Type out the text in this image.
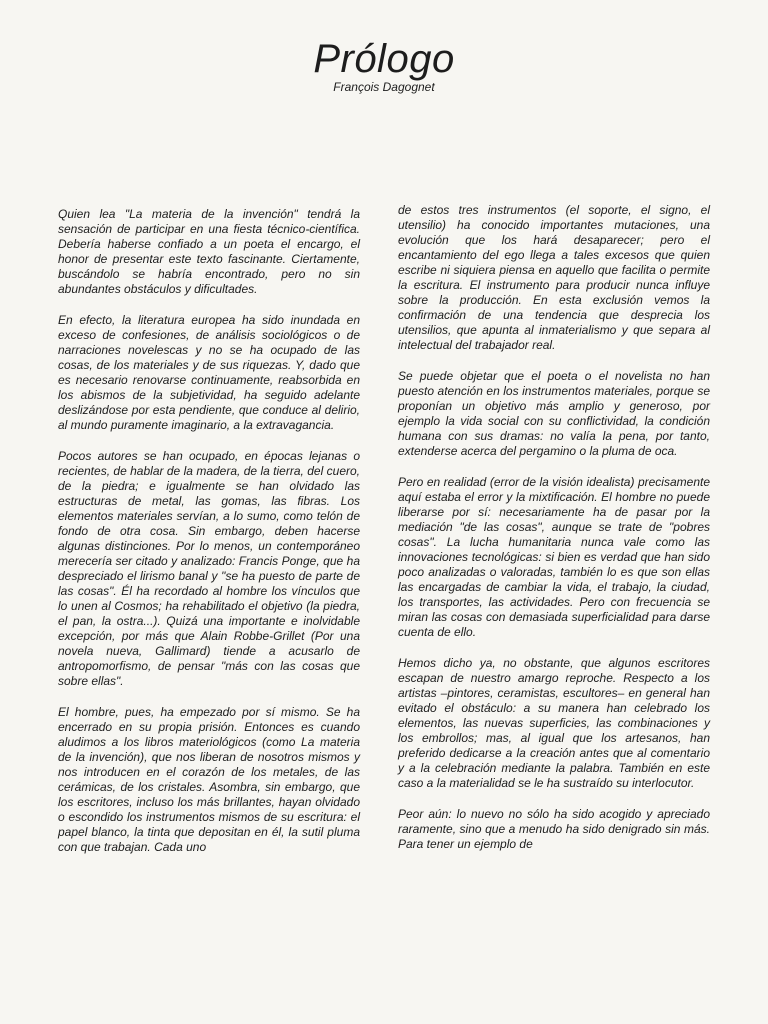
Prólogo
François Dagognet

Quien lea "La materia de la invención" tendrá la sensación de participar en una fiesta técnico-científica. Debería haberse confiado a un poeta el encargo, el honor de presentar este texto fascinante. Ciertamente, buscándolo se habría encontrado, pero no sin abundantes obstáculos y dificultades.

En efecto, la literatura europea ha sido inundada en exceso de confesiones, de análisis sociológicos o de narraciones novelescas y no se ha ocupado de las cosas, de los materiales y de sus riquezas. Y, dado que es necesario renovarse continuamente, reabsorbida en los abismos de la subjetividad, ha seguido adelante deslizándose por esta pendiente, que conduce al delirio, al mundo puramente imaginario, a la extravagancia.

Pocos autores se han ocupado, en épocas lejanas o recientes, de hablar de la madera, de la tierra, del cuero, de la piedra; e igualmente se han olvidado las estructuras de metal, las gomas, las fibras. Los elementos materiales servían, a lo sumo, como telón de fondo de otra cosa. Sin embargo, deben hacerse algunas distinciones. Por lo menos, un contemporáneo merecería ser citado y analizado: Francis Ponge, que ha despreciado el lirismo banal y "se ha puesto de parte de las cosas". Él ha recordado al hombre los vínculos que lo unen al Cosmos; ha rehabilitado el objetivo (la piedra, el pan, la ostra...). Quizá una importante e inolvidable excepción, por más que Alain Robbe-Grillet (Por una novela nueva, Gallimard) tiende a acusarlo de antropomorfismo, de pensar "más con las cosas que sobre ellas".

El hombre, pues, ha empezado por sí mismo. Se ha encerrado en su propia prisión. Entonces es cuando aludimos a los libros materiológicos (como La materia de la invención), que nos liberan de nosotros mismos y nos introducen en el corazón de los metales, de las cerámicas, de los cristales. Asombra, sin embargo, que los escritores, incluso los más brillantes, hayan olvidado o escondido los instrumentos mismos de su escritura: el papel blanco, la tinta que depositan en él, la sutil pluma con que trabajan. Cada uno

de estos tres instrumentos (el soporte, el signo, el utensilio) ha conocido importantes mutaciones, una evolución que los hará desaparecer; pero el encantamiento del ego llega a tales excesos que quien escribe ni siquiera piensa en aquello que facilita o permite la escritura. El instrumento para producir nunca influye sobre la producción. En esta exclusión vemos la confirmación de una tendencia que desprecia los utensilios, que apunta al inmaterialismo y que separa al intelectual del trabajador real.

Se puede objetar que el poeta o el novelista no han puesto atención en los instrumentos materiales, porque se proponían un objetivo más amplio y generoso, por ejemplo la vida social con su conflictividad, la condición humana con sus dramas: no valía la pena, por tanto, extenderse acerca del pergamino o la pluma de oca.

Pero en realidad (error de la visión idealista) precisamente aquí estaba el error y la mixtificación. El hombre no puede liberarse por sí: necesariamente ha de pasar por la mediación "de las cosas", aunque se trate de "pobres cosas". La lucha humanitaria nunca vale como las innovaciones tecnológicas: si bien es verdad que han sido poco analizadas o valoradas, también lo es que son ellas las encargadas de cambiar la vida, el trabajo, la ciudad, los transportes, las actividades. Pero con frecuencia se miran las cosas con demasiada superficialidad para darse cuenta de ello.

Hemos dicho ya, no obstante, que algunos escritores escapan de nuestro amargo reproche. Respecto a los artistas –pintores, ceramistas, escultores– en general han evitado el obstáculo: a su manera han celebrado los elementos, las nuevas superficies, las combinaciones y los embrollos; mas, al igual que los artesanos, han preferido dedicarse a la creación antes que al comentario y a la celebración mediante la palabra. También en este caso a la materialidad se le ha sustraído su interlocutor.

Peor aún: lo nuevo no sólo ha sido acogido y apreciado raramente, sino que a menudo ha sido denigrado sin más. Para tener un ejemplo de
